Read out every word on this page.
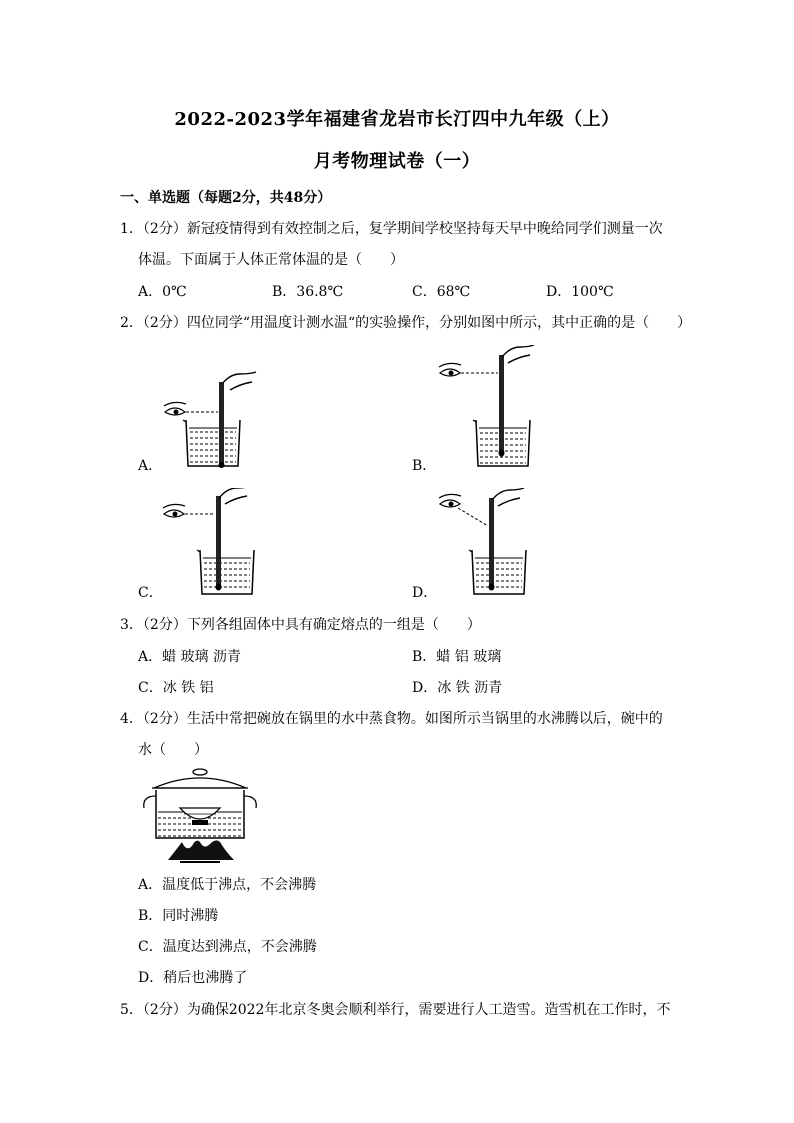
2022-2023学年福建省龙岩市长汀四中九年级（上）
月考物理试卷（一）
一、单选题（每题2分，共48分）
1．（2分）新冠疫情得到有效控制之后，复学期间学校坚持每天早中晚给同学们测量一次
体温。下面属于人体正常体温的是（　　）
A．0℃	B．36.8℃	C．68℃	D．100℃
2．（2分）四位同学“用温度计测水温“的实验操作，分别如图中所示，其中正确的是（　　）
A．	B．
C．	D．
3．（2分）下列各组固体中具有确定熔点的一组是（　　）
A．蜡 玻璃 沥青	B．蜡 铝 玻璃
C．冰 铁 铝	D．冰 铁 沥青
4．（2分）生活中常把碗放在锅里的水中蒸食物。如图所示当锅里的水沸腾以后，碗中的
水（　　）
A．温度低于沸点，不会沸腾
B．同时沸腾
C．温度达到沸点，不会沸腾
D．稍后也沸腾了
5．（2分）为确保2022年北京冬奥会顺利举行，需要进行人工造雪。造雪机在工作时，不
